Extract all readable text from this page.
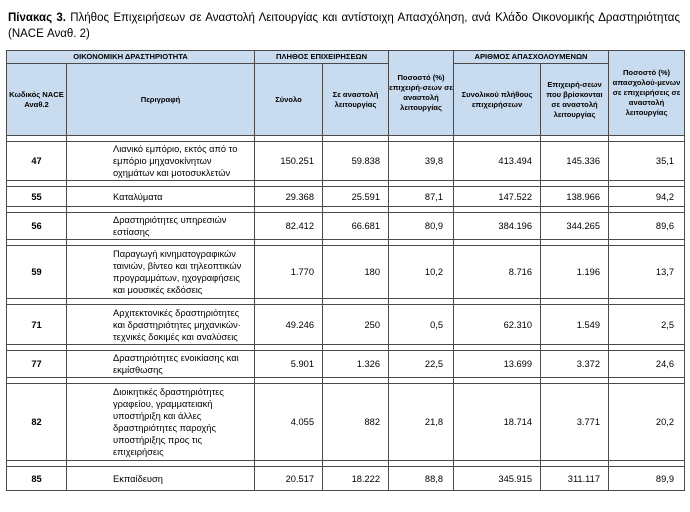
Πίνακας 3. Πλήθος Επιχειρήσεων σε Αναστολή Λειτουργίας και αντίστοιχη Απασχόληση, ανά Κλάδο Οικονομικής Δραστηριότητας (NACE Αναθ. 2)
ΟΙΚΟΝΟΜΙΚΗ ΔΡΑΣΤΗΡΙΟΤΗΤΑ		ΠΛΗΘΟΣ ΕΠΙΧΕΙΡΗΣΕΩΝ		Ποσοστό (%) επιχειρή-σεων σε αναστολή λειτουργίας	ΑΡΙΘΜΟΣ ΑΠΑΣΧΟΛΟΥΜΕΝΩΝ		Ποσοστό (%) απασχολού-μενων σε επιχειρήσεις σε αναστολή λειτουργίας
Κωδικός NACE Αναθ.2	Περιγραφή	Σύνολο	Σε αναστολή λειτουργίας		Συνολικού πλήθους επιχειρήσεων	Επιχειρή-σεων που βρίσκονται σε αναστολή λειτουργίας	

47	Λιανικό εμπόριο, εκτός από το εμπόριο μηχανοκίνητων οχημάτων και μοτοσυκλετών	150.251	59.838	39,8	413.494	145.336	35,1

55	Καταλύματα	29.368	25.591	87,1	147.522	138.966	94,2

56	Δραστηριότητες υπηρεσιών εστίασης	82.412	66.681	80,9	384.196	344.265	89,6

59	Παραγωγή κινηματογραφικών ταινιών, βίντεο και τηλεοπτικών προγραμμάτων, ηχογραφήσεις και μουσικές εκδόσεις	1.770	180	10,2	8.716	1.196	13,7

71	Αρχιτεκτονικές δραστηριότητες και δραστηριότητες μηχανικών· τεχνικές δοκιμές και αναλύσεις	49.246	250	0,5	62.310	1.549	2,5

77	Δραστηριότητες ενοικίασης και εκμίσθωσης	5.901	1.326	22,5	13.699	3.372	24,6

82	Διοικητικές δραστηριότητες γραφείου, γραμματειακή υποστήριξη και άλλες δραστηριότητες παροχής υποστήριξης προς τις επιχειρήσεις	4.055	882	21,8	18.714	3.771	20,2

85	Εκπαίδευση	20.517	18.222	88,8	345.915	311.117	89,9
